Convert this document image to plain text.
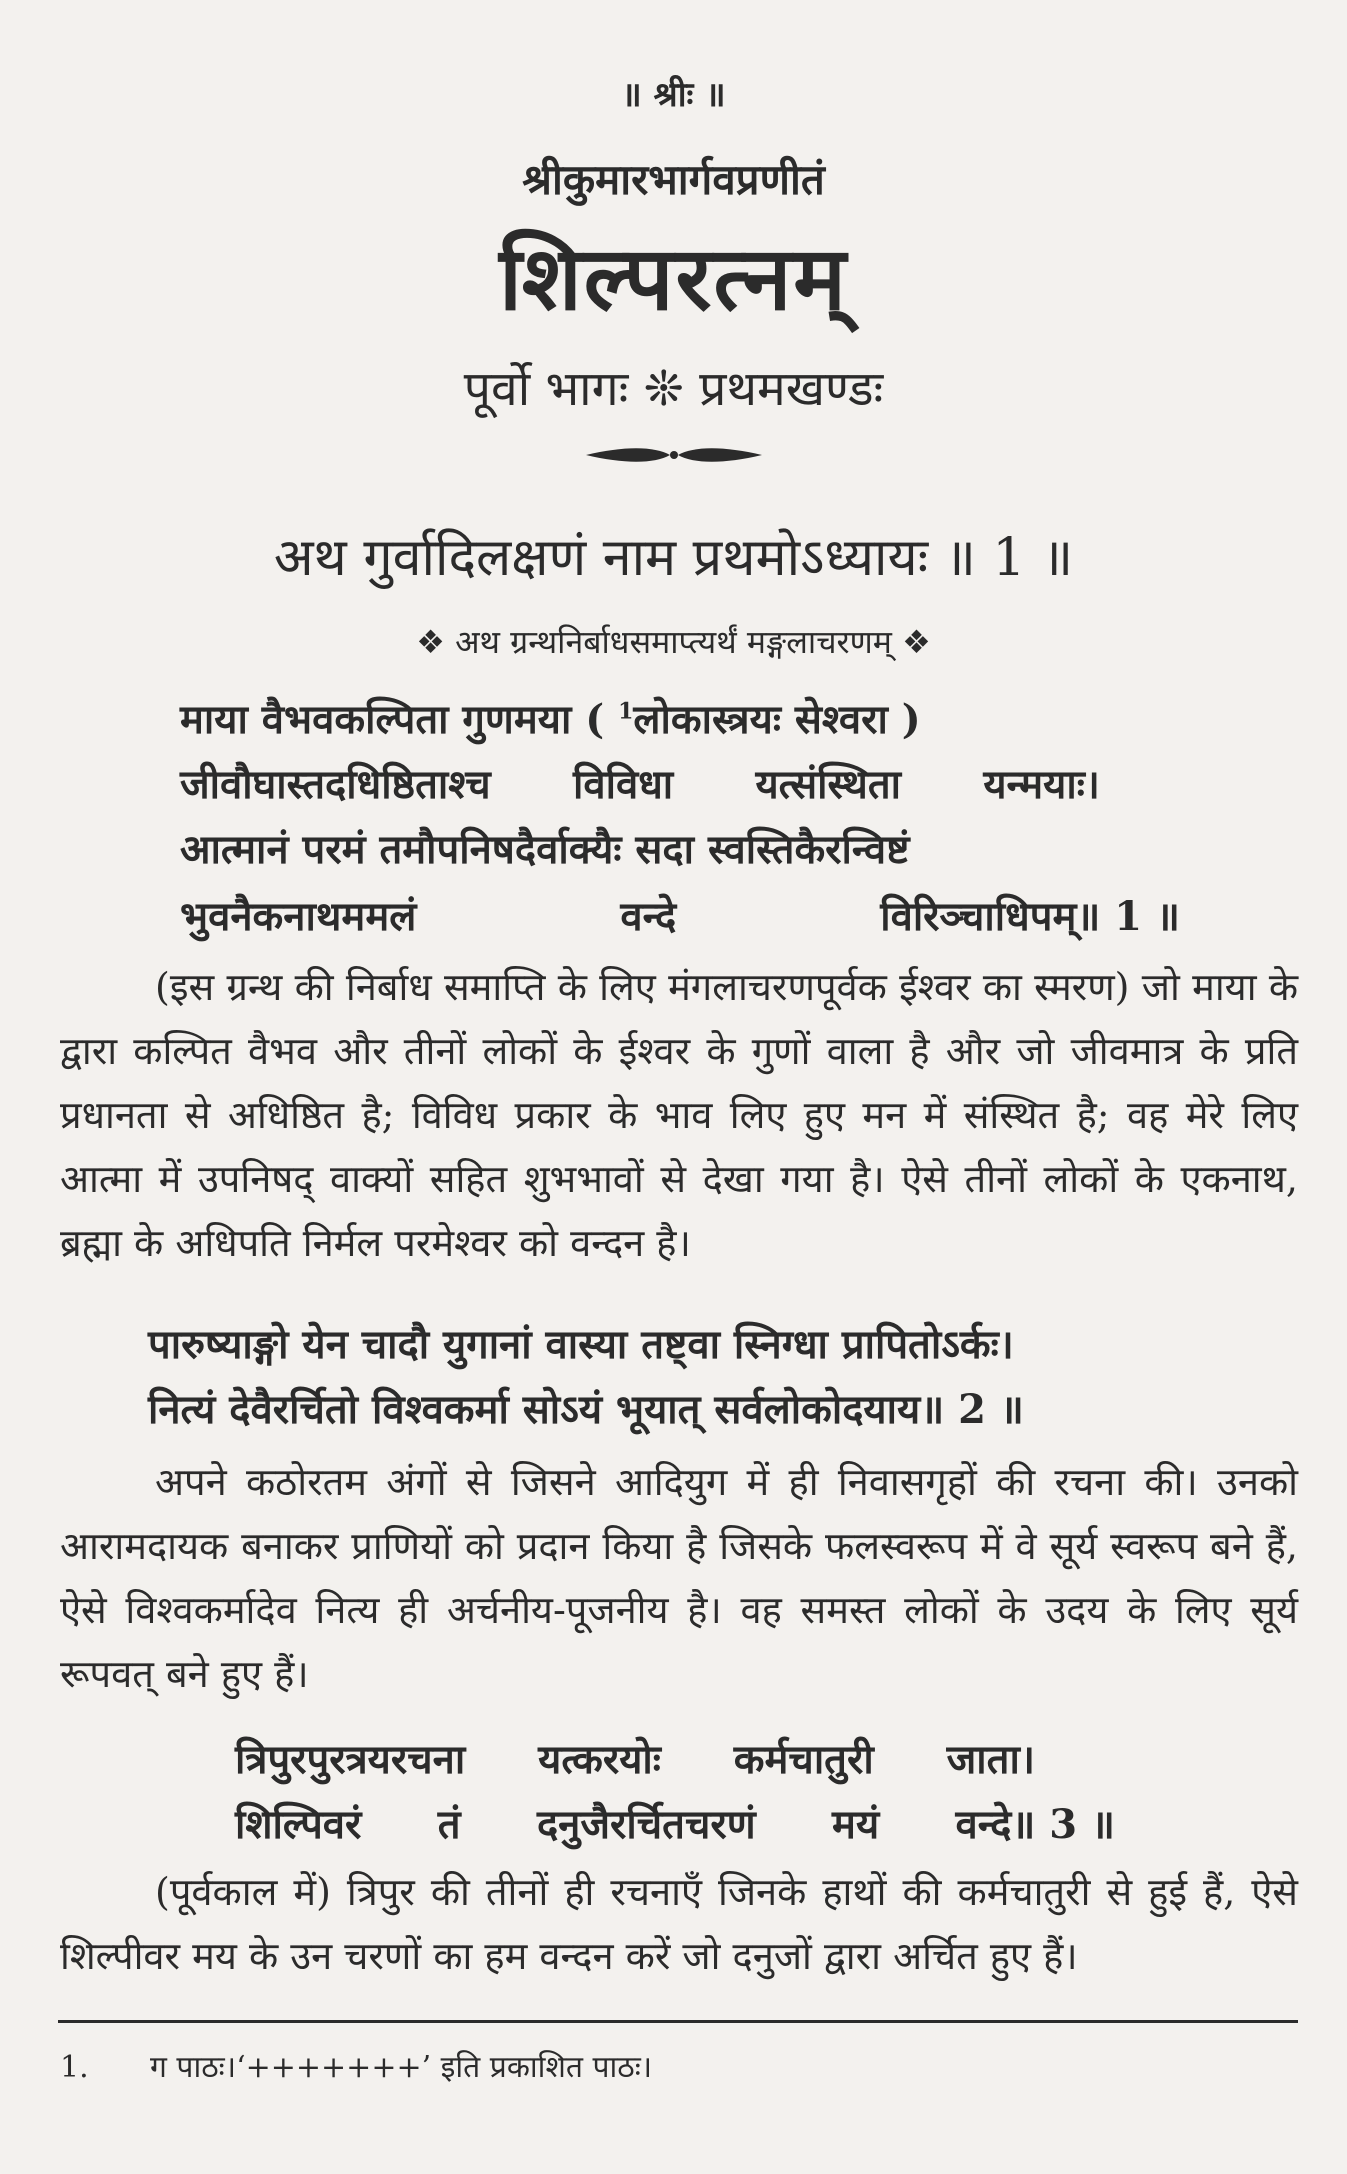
॥ श्रीः ॥
श्रीकुमारभार्गवप्रणीतं
शिल्परत्नम्
पूर्वो भागः ❊ प्रथमखण्डः
अथ गुर्वादिलक्षणं नाम प्रथमोऽध्यायः ॥ 1 ॥
❖ अथ ग्रन्थनिर्बाधसमाप्त्यर्थं मङ्गलाचरणम् ❖
माया वैभवकल्पिता गुणमया ( $^1$लोकास्त्रयः सेश्वरा )
जीवौघास्तदधिष्ठिताश्च विविधा यत्संस्थिता यन्मयाः।
आत्मानं परमं तमौपनिषदैर्वाक्यैः सदा स्वस्तिकैरन्विष्टं
भुवनैकनाथममलं	वन्दे	विरिञ्चाधिपम्॥ 1 ॥
(इस ग्रन्थ की निर्बाध समाप्ति के लिए मंगलाचरणपूर्वक ईश्वर का स्मरण) जो माया के द्वारा कल्पित वैभव और तीनों लोकों के ईश्वर के गुणों वाला है और जो जीवमात्र के प्रति प्रधानता से अधिष्ठित है; विविध प्रकार के भाव लिए हुए मन में संस्थित है; वह मेरे लिए आत्मा में उपनिषद् वाक्यों सहित शुभभावों से देखा गया है। ऐसे तीनों लोकों के एकनाथ, ब्रह्मा के अधिपति निर्मल परमेश्वर को वन्दन है।
पारुष्याङ्गो येन चादौ युगानां वास्या तष्ट्वा स्निग्धा प्रापितोऽर्कः।
नित्यं देवैरर्चितो विश्वकर्मा सोऽयं भूयात् सर्वलोकोदयाय॥ 2 ॥
अपने कठोरतम अंगों से जिसने आदियुग में ही निवासगृहों की रचना की। उनको आरामदायक बनाकर प्राणियों को प्रदान किया है जिसके फलस्वरूप में वे सूर्य स्वरूप बने हैं, ऐसे विश्वकर्मादेव नित्य ही अर्चनीय-पूजनीय है। वह समस्त लोकों के उदय के लिए सूर्य रूपवत् बने हुए हैं।
त्रिपुरपुरत्रयरचना यत्करयोः कर्मचातुरी जाता।
शिल्पिवरं तं दनुजैरर्चितचरणं मयं वन्दे॥ 3 ॥
(पूर्वकाल में) त्रिपुर की तीनों ही रचनाएँ जिनके हाथों की कर्मचातुरी से हुई हैं, ऐसे शिल्पीवर मय के उन चरणों का हम वन्दन करें जो दनुजों द्वारा अर्चित हुए हैं।
1. ग पाठः।‘+++++++’ इति प्रकाशित पाठः।
